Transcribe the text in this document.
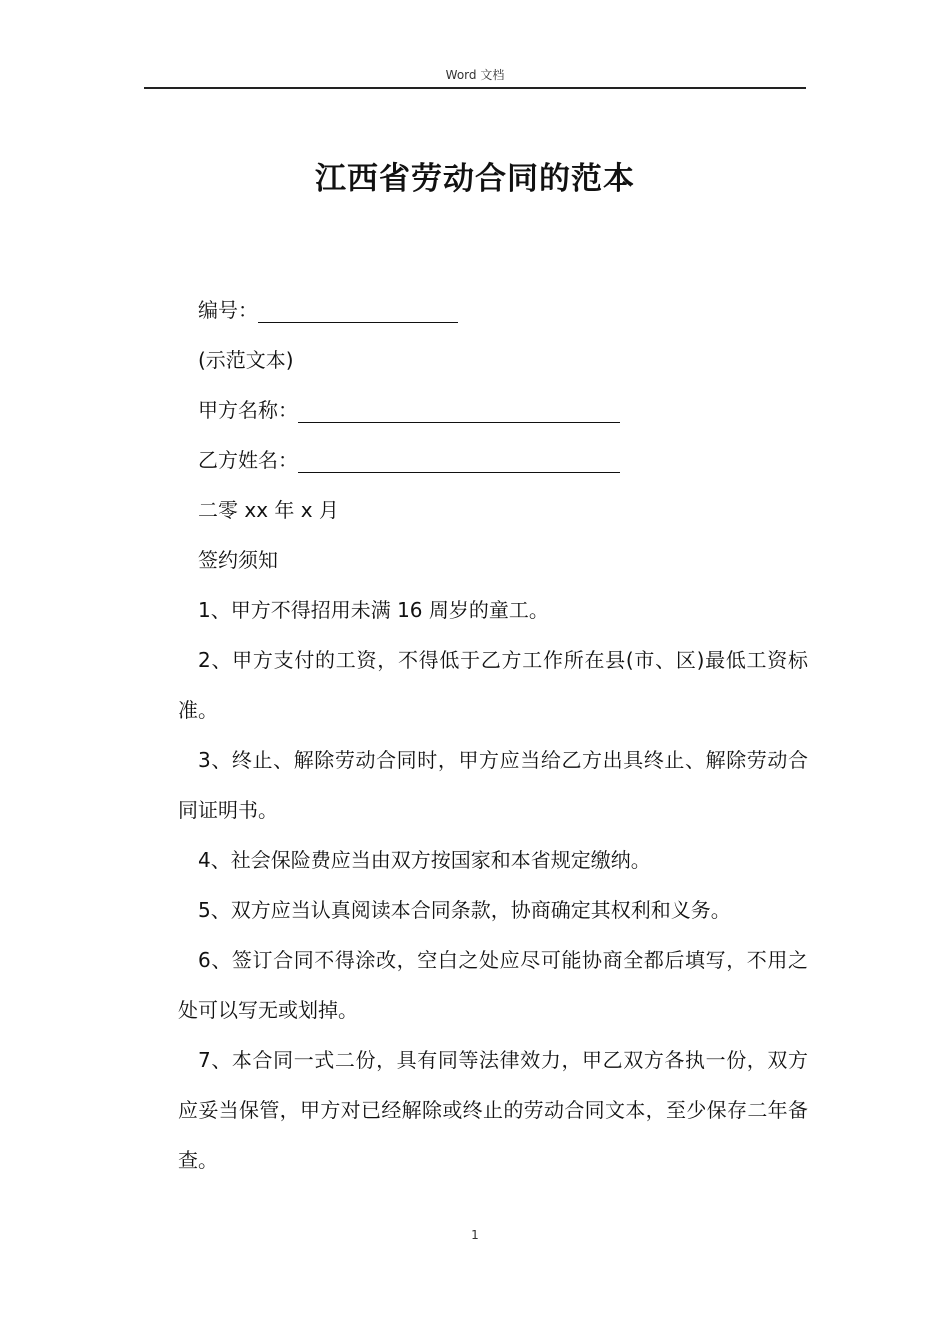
Word 文档
江西省劳动合同的范本

编号：

(示范文本)

甲方名称：

乙方姓名：

二零 xx 年 x 月

签约须知

1、甲方不得招用未满 16 周岁的童工。

2、甲方支付的工资，不得低于乙方工作所在县(市、区)最低工资标准。

3、终止、解除劳动合同时，甲方应当给乙方出具终止、解除劳动合同证明书。

4、社会保险费应当由双方按国家和本省规定缴纳。

5、双方应当认真阅读本合同条款，协商确定其权利和义务。

6、签订合同不得涂改，空白之处应尽可能协商全都后填写，不用之处可以写无或划掉。

7、本合同一式二份，具有同等法律效力，甲乙双方各执一份，双方应妥当保管，甲方对已经解除或终止的劳动合同文本，至少保存二年备查。

1
